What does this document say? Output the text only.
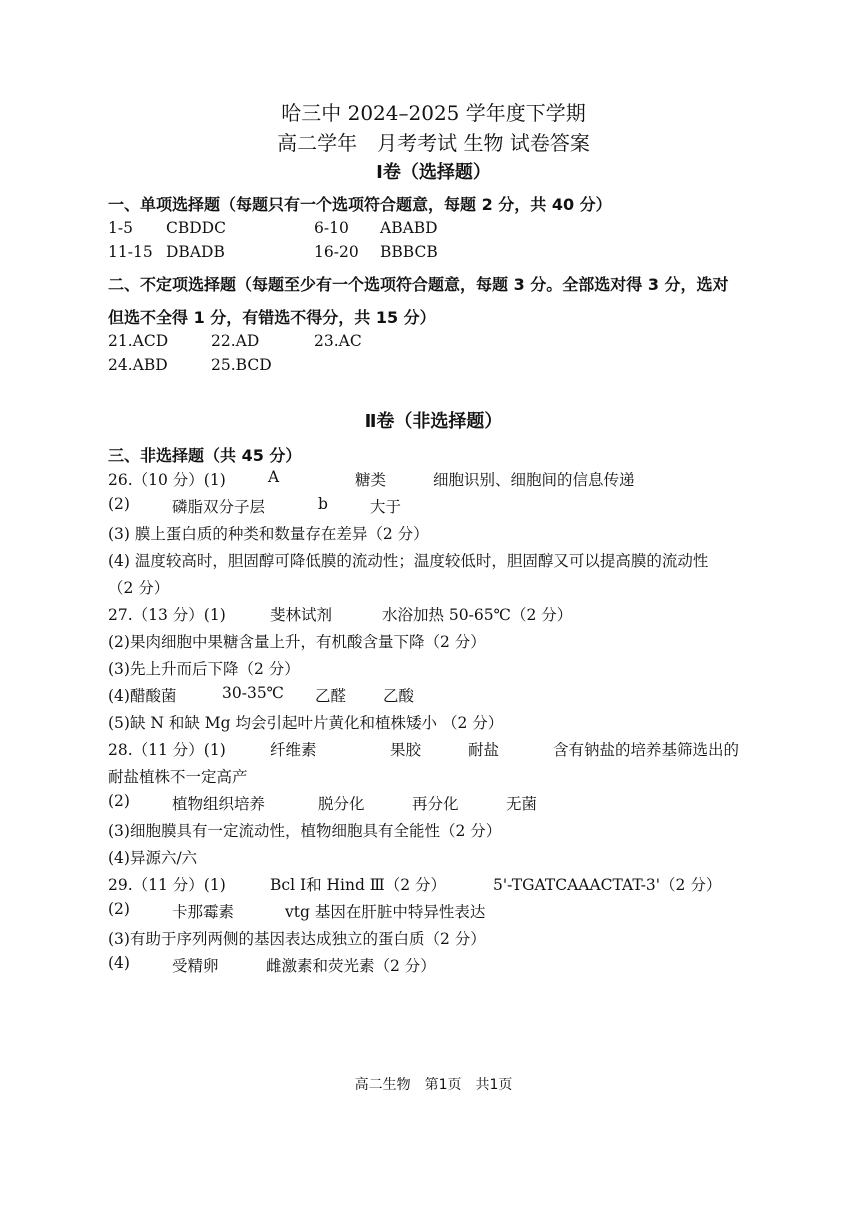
哈三中 2024–2025 学年度下学期
高二学年　月考考试 生物 试卷答案
Ⅰ卷（选择题）
一、单项选择题（每题只有一个选项符合题意，每题 2 分，共 40 分）
1-5 CBDDC	6-10 ABABD
11-15 DBADB	16-20 BBBCB
二、不定项选择题（每题至少有一个选项符合题意，每题 3 分。全部选对得 3 分，选对
但选不全得 1 分，有错选不得分，共 15 分）
21.ACD	22.AD	23.AC
24.ABD	25.BCD
Ⅱ卷（非选择题）
三、非选择题（共 45 分）
26.（10 分）(1)	A	糖类	细胞识别、细胞间的信息传递
(2)	磷脂双分子层	b	大于
(3) 膜上蛋白质的种类和数量存在差异（2 分）
(4) 温度较高时，胆固醇可降低膜的流动性；温度较低时，胆固醇又可以提高膜的流动性
（2 分）
27.（13 分）(1)	斐林试剂	水浴加热 50-65℃（2 分）
(2)果肉细胞中果糖含量上升，有机酸含量下降（2 分）
(3)先上升而后下降（2 分）
(4)醋酸菌	30-35℃ 乙醛 乙酸
(5)缺 N 和缺 Mg 均会引起叶片黄化和植株矮小 （2 分）
28.（11 分）(1)	纤维素	果胶	耐盐	含有钠盐的培养基筛选出的
耐盐植株不一定高产
(2)	植物组织培养	脱分化	再分化	无菌
(3)细胞膜具有一定流动性，植物细胞具有全能性（2 分）
(4)异源六/六
29.（11 分）(1)	Bcl Ⅰ和 Hind Ⅲ（2 分）	5'-TGATCAAACTAT-3'（2 分）
(2)	卡那霉素	vtg 基因在肝脏中特异性表达
(3)有助于序列两侧的基因表达成独立的蛋白质（2 分）
(4)	受精卵	雌激素和荧光素（2 分）
高二生物　第1页　共1页
